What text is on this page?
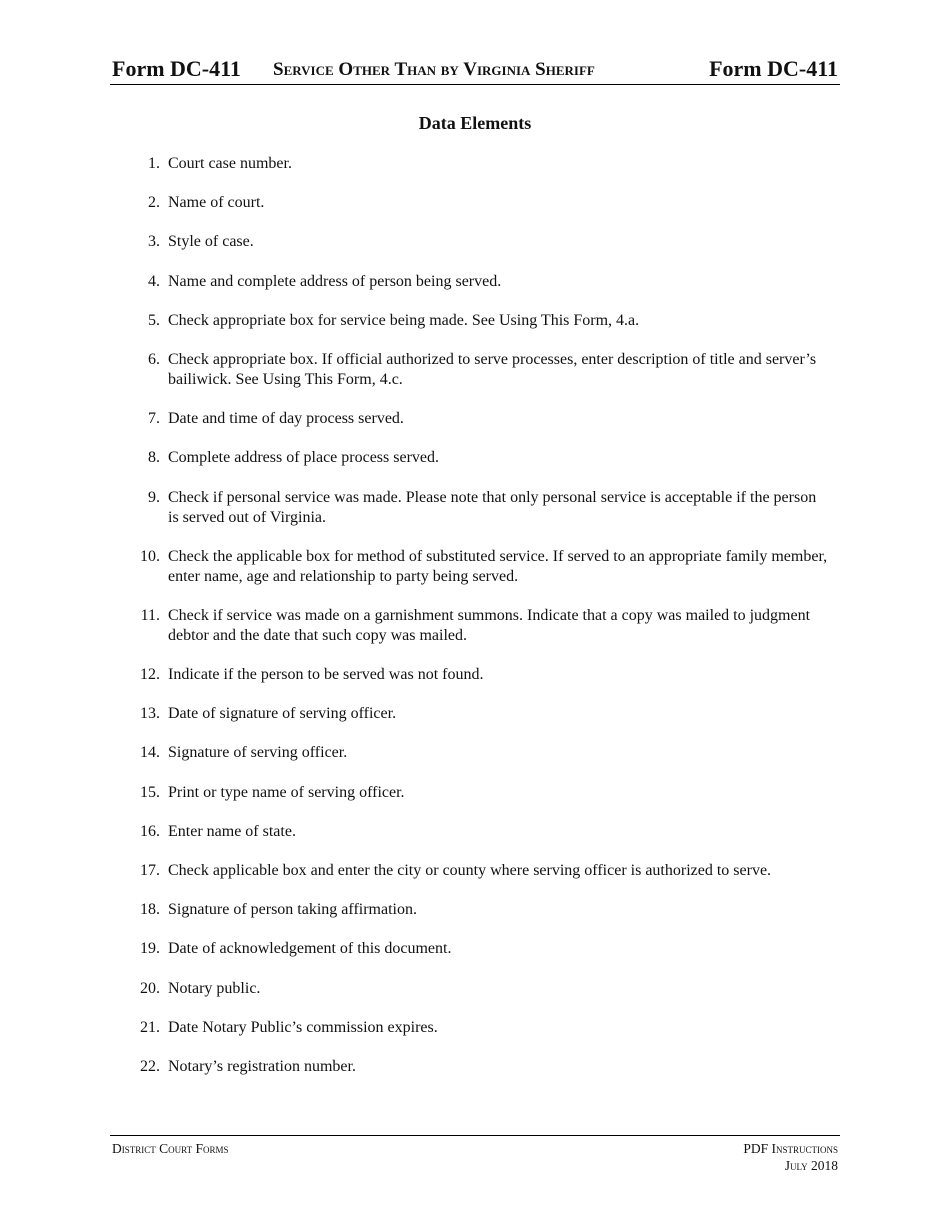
Form DC-411 Service Other Than by Virginia Sheriff	Form DC-411
Data Elements
1. Court case number.
2. Name of court.
3. Style of case.
4. Name and complete address of person being served.
5. Check appropriate box for service being made. See Using This Form, 4.a.
6. Check appropriate box. If official authorized to serve processes, enter description of title and server’s bailiwick. See Using This Form, 4.c.
7. Date and time of day process served.
8. Complete address of place process served.
9. Check if personal service was made. Please note that only personal service is acceptable if the person is served out of Virginia.
10. Check the applicable box for method of substituted service. If served to an appropriate family member, enter name, age and relationship to party being served.
11. Check if service was made on a garnishment summons. Indicate that a copy was mailed to judgment debtor and the date that such copy was mailed.
12. Indicate if the person to be served was not found.
13. Date of signature of serving officer.
14. Signature of serving officer.
15. Print or type name of serving officer.
16. Enter name of state.
17. Check applicable box and enter the city or county where serving officer is authorized to serve.
18. Signature of person taking affirmation.
19. Date of acknowledgement of this document.
20. Notary public.
21. Date Notary Public’s commission expires.
22. Notary’s registration number.
District Court Forms	PDF Instructions
July 2018
